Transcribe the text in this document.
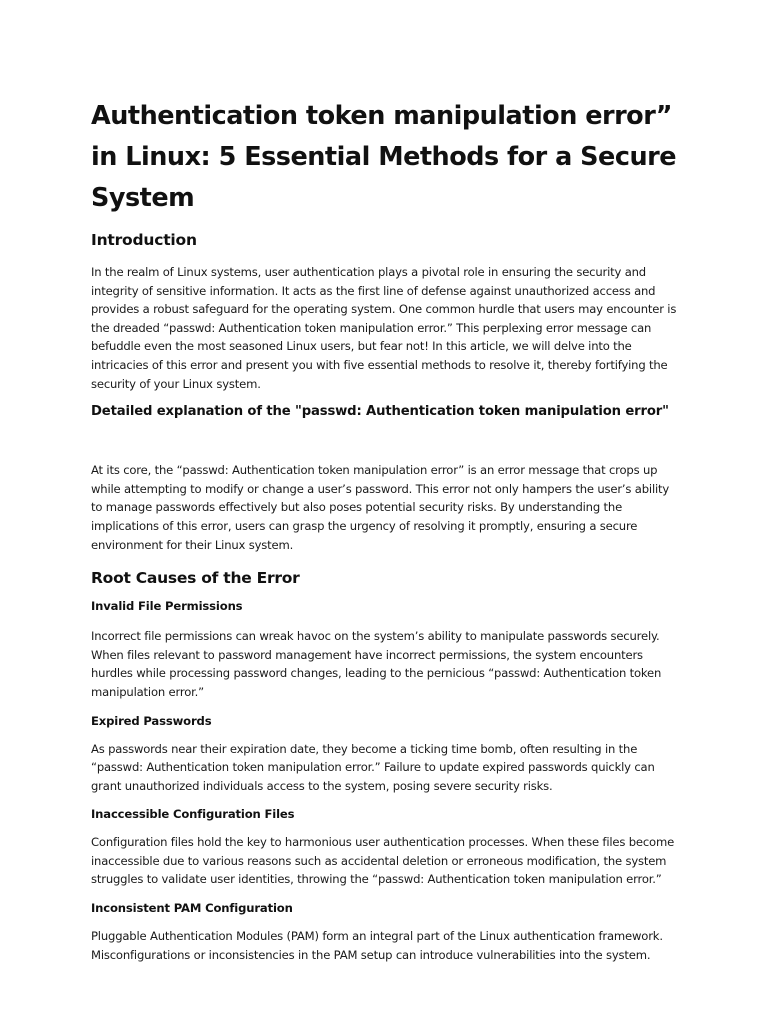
Authentication token manipulation error” in Linux: 5 Essential Methods for a Secure System
Introduction

In the realm of Linux systems, user authentication plays a pivotal role in ensuring the security and integrity of sensitive information. It acts as the first line of defense against unauthorized access and provides a robust safeguard for the operating system. One common hurdle that users may encounter is the dreaded “passwd: Authentication token manipulation error.” This perplexing error message can befuddle even the most seasoned Linux users, but fear not! In this article, we will delve into the intricacies of this error and present you with five essential methods to resolve it, thereby fortifying the security of your Linux system.

Detailed explanation of the "passwd: Authentication token manipulation error"

At its core, the “passwd: Authentication token manipulation error” is an error message that crops up while attempting to modify or change a user’s password. This error not only hampers the user’s ability to manage passwords effectively but also poses potential security risks. By understanding the implications of this error, users can grasp the urgency of resolving it promptly, ensuring a secure environment for their Linux system.

Root Causes of the Error
Invalid File Permissions

Incorrect file permissions can wreak havoc on the system’s ability to manipulate passwords securely. When files relevant to password management have incorrect permissions, the system encounters hurdles while processing password changes, leading to the pernicious “passwd: Authentication token manipulation error.”

Expired Passwords

As passwords near their expiration date, they become a ticking time bomb, often resulting in the “passwd: Authentication token manipulation error.” Failure to update expired passwords quickly can grant unauthorized individuals access to the system, posing severe security risks.

Inaccessible Configuration Files

Configuration files hold the key to harmonious user authentication processes. When these files become inaccessible due to various reasons such as accidental deletion or erroneous modification, the system struggles to validate user identities, throwing the “passwd: Authentication token manipulation error.”

Inconsistent PAM Configuration

Pluggable Authentication Modules (PAM) form an integral part of the Linux authentication framework. Misconfigurations or inconsistencies in the PAM setup can introduce vulnerabilities into the system.
